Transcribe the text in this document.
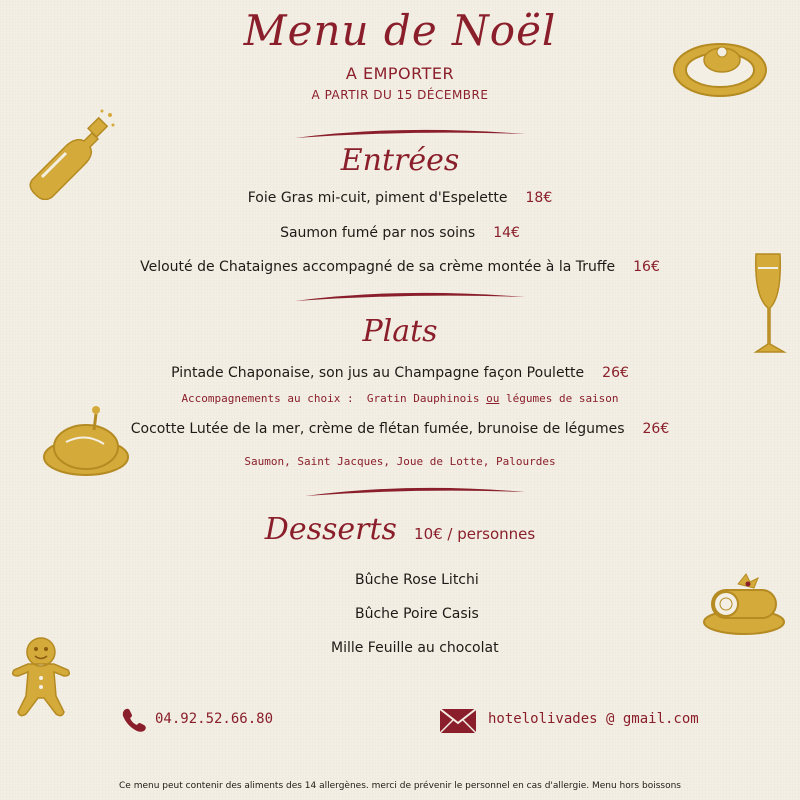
Menu de Noël
A EMPORTER
A PARTIR DU 15 DÉCEMBRE
Entrées
Foie Gras mi-cuit, piment d'Espelette 18€
Saumon fumé par nos soins 14€
Velouté de Chataignes accompagné de sa crème montée à la Truffe 16€
Plats
Pintade Chaponaise, son jus au Champagne façon Poulette 26€
Accompagnements au choix : Gratin Dauphinois ou légumes de saison
Cocotte Lutée de la mer, crème de flétan fumée, brunoise de légumes 26€
Saumon, Saint Jacques, Joue de Lotte, Palourdes
Desserts 10€ / personnes
Bûche Rose Litchi
Bûche Poire Casis
Mille Feuille au chocolat
04.92.52.66.80	hotelolivades @ gmail.com
Ce menu peut contenir des aliments des 14 allergènes. merci de prévenir le personnel en cas d'allergie. Menu hors boissons
